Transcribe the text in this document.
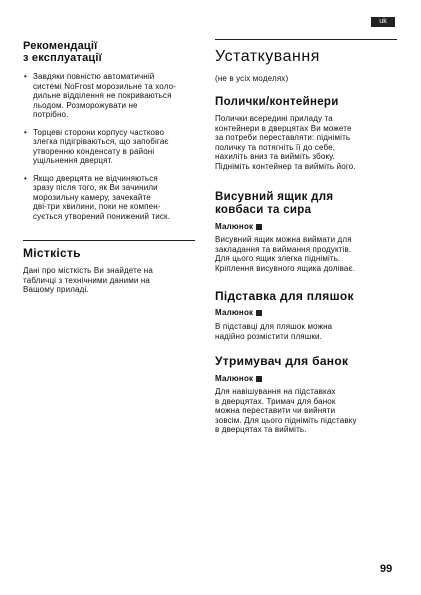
uk
Рекомендації
з експлуатації
• Завдяки повністю автоматичній
системі NoFrost морозильне та холо-
дильне відділення не покриваються
льодом. Розморожувати не
потрібно.
• Торцеві сторони корпусу частково
злегка підігріваються, що запобігає
утворенню конденсату в районі
ущільнення дверцят.
• Якщо дверцята не відчиняються
зразу після того, як Ви зачинили
морозильну камеру, зачекайте
дві-три хвилини, поки не компен-
сується утворений понижений тиск.
Місткість
Дані про місткість Ви знайдете на
табличці з технічними даними на
Вашому приладі.
Устаткування
(не в усіх моделях)
Полички/контейнери
Полички всередині приладу та
контейнери в дверцятах Ви можете
за потреби переставляти: підніміть
поличку та потягніть її до себе,
нахиліть вниз та вийміть збоку.
Підніміть контейнер та вийміть його.
Висувний ящик для
ковбаси та сира
Малюнок
Висувний ящик можна виймати для
закладання та виймання продуктів.
Для цього ящик злегка підніміть.
Кріплення висувного ящика доліває.
Підставка для пляшок
Малюнок
В підставці для пляшок можна
надійно розмістити пляшки.
Утримувач для банок
Малюнок
Для навішування на підставках
в дверцятах. Тримач для банок
можна переставити чи вийняти
зовсім. Для цього підніміть підставку
в дверцятах та вийміть.
99
